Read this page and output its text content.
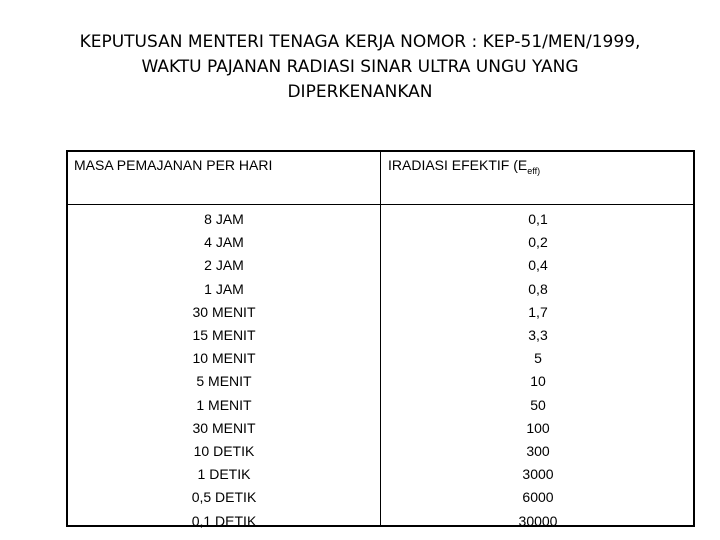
KEPUTUSAN MENTERI TENAGA KERJA NOMOR : KEP-51/MEN/1999,
WAKTU PAJANAN RADIASI SINAR ULTRA UNGU YANG
DIPERKENANKAN
MASA PEMAJANAN PER HARI	IRADIASI EFEKTIF ($E_{eff)}$
8 JAM
4 JAM
2 JAM
1 JAM
30 MENIT
15 MENIT
10 MENIT
5 MENIT
1 MENIT
30 MENIT
10 DETIK
1 DETIK
0,5 DETIK
0,1 DETIK
0,1
0,2
0,4
0,8
1,7
3,3
5
10
50
100
300
3000
6000
30000
